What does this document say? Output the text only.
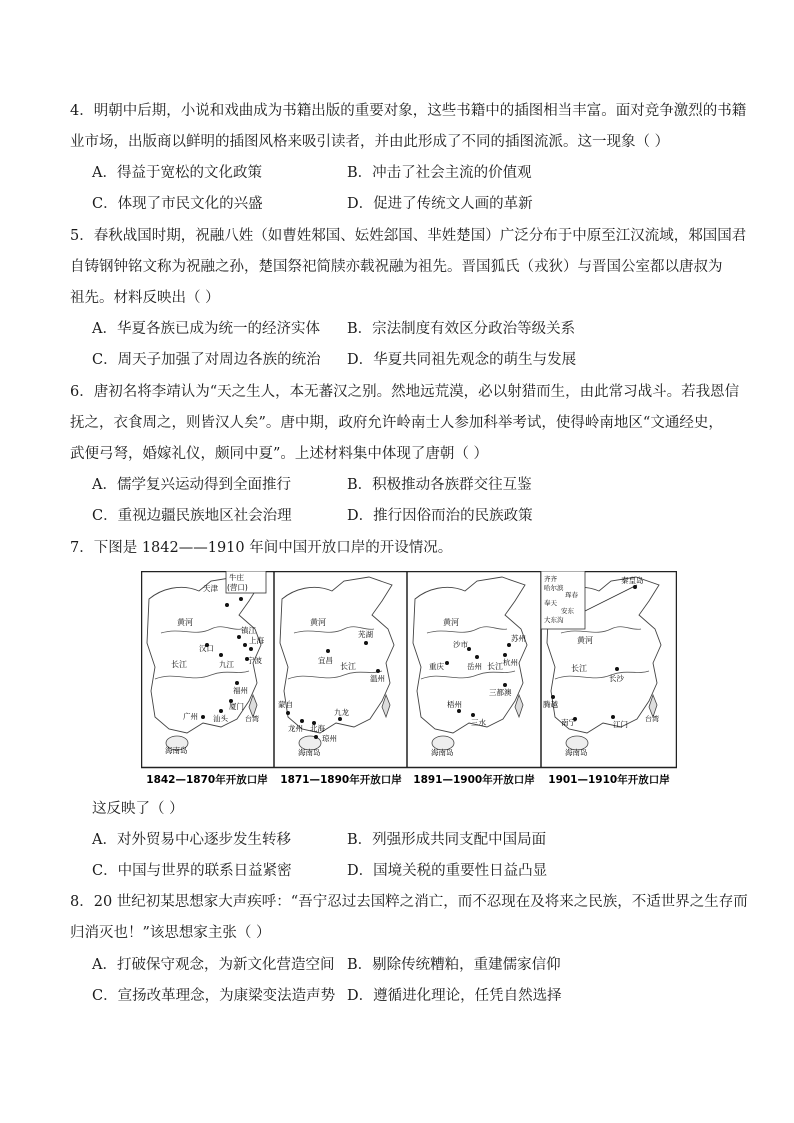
4．明朝中后期，小说和戏曲成为书籍出版的重要对象，这些书籍中的插图相当丰富。面对竞争激烈的书籍
业市场，出版商以鲜明的插图风格来吸引读者，并由此形成了不同的插图流派。这一现象（ ）
A．得益于宽松的文化政策	B．冲击了社会主流的价值观
C．体现了市民文化的兴盛	D．促进了传统文人画的革新
5．春秋战国时期，祝融八姓（如曹姓邾国、妘姓郐国、芈姓楚国）广泛分布于中原至江汉流域，邾国国君
自铸钢钟铭文称为祝融之孙，楚国祭祀简牍亦载祝融为祖先。晋国狐氏（戎狄）与晋国公室都以唐叔为
祖先。材料反映出（ ）
A．华夏各族已成为统一的经济实体 B．宗法制度有效区分政治等级关系
C．周天子加强了对周边各族的统治 D．华夏共同祖先观念的萌生与发展
6．唐初名将李靖认为“天之生人，本无蕃汉之别。然地远荒漠，必以射猎而生，由此常习战斗。若我恩信
抚之，衣食周之，则皆汉人矣”。唐中期，政府允许岭南士人参加科举考试，使得岭南地区“文通经史，
武便弓弩，婚嫁礼仪，颇同中夏”。上述材料集中体现了唐朝（ ）
A．儒学复兴运动得到全面推行	B．积极推动各族群交往互鉴
C．重视边疆民族地区社会治理	D．推行因俗而治的民族政策
7．下图是 1842——1910 年间中国开放口岸的开设情况。
牛庄
(营口)
天津
汉口
镇江
上海
宁波
九江
福州
厦门
汕头
广州	台湾
海南岛
黄河
长江	宜昌
芜湖
温州
蒙自
龙州 北海
九龙
琼州
海南岛
黄河
长江
沙市
岳州
苏州
杭州
重庆
三都澳
梧州
三水
海南岛
黄河
长江
秦皇岛
长沙
腾越
南宁	江门
海南岛
台湾
黄河
长江
齐齐
哈尔滨
珲春
奉天
安东
大东沟
1842—1870年开放口岸 1871—1890年开放口岸 1891—1900年开放口岸 1901—1910年开放口岸
这反映了（ ）
A．对外贸易中心逐步发生转移	B．列强形成共同支配中国局面
C．中国与世界的联系日益紧密	D．国境关税的重要性日益凸显
8．20 世纪初某思想家大声疾呼：“吾宁忍过去国粹之消亡，而不忍现在及将来之民族，不适世界之生存而
归消灭也！”该思想家主张（ ）
A．打破保守观念，为新文化营造空间 B．剔除传统糟粕，重建儒家信仰
C．宣扬改革理念，为康梁变法造声势 D．遵循进化理论，任凭自然选择
